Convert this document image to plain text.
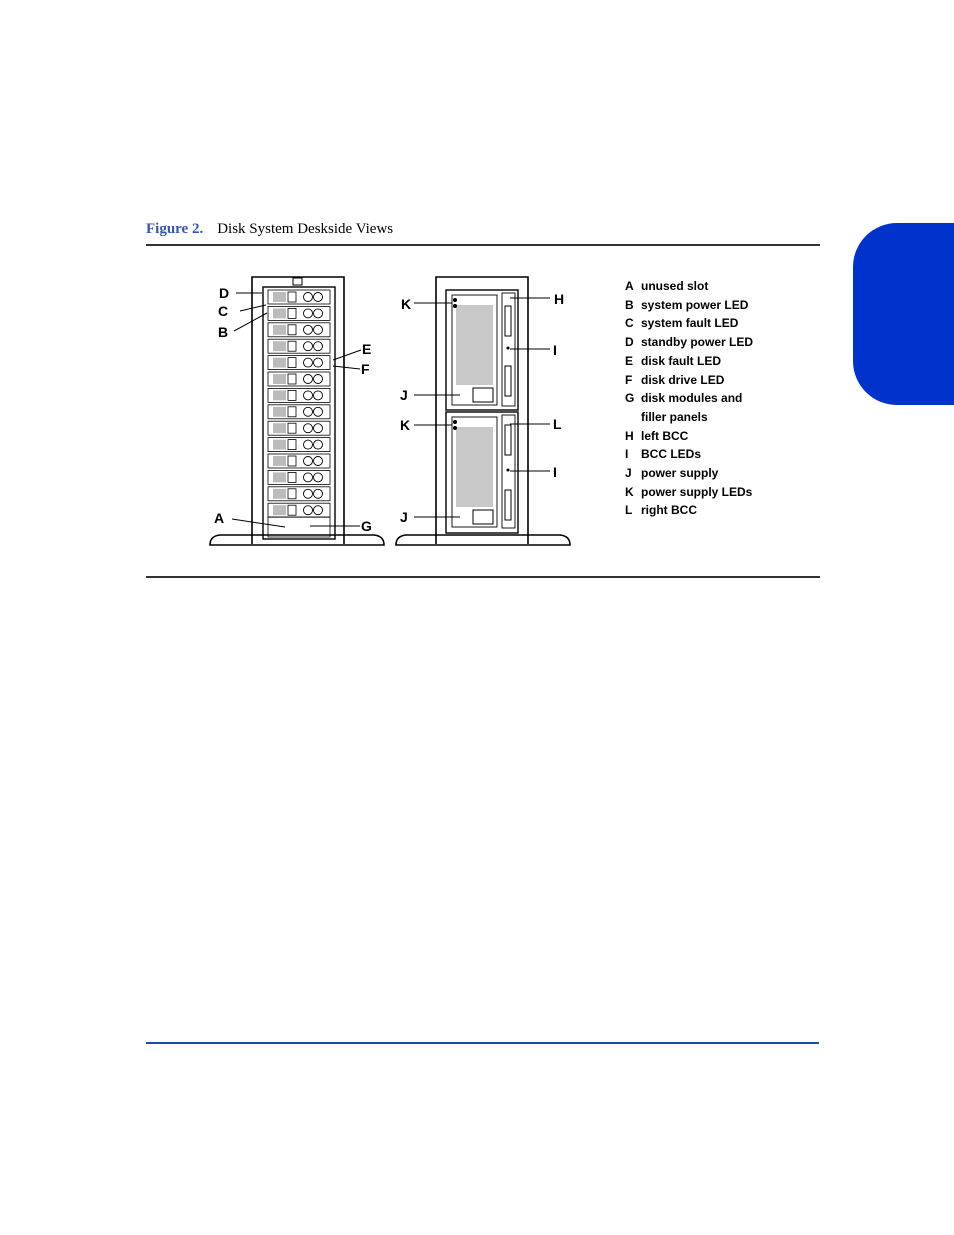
Figure 2. Disk System Deskside Views
D
C
B
E
F
A	G
K	H
I
J
K	L
I
J
A unused slot
B system power LED
C system fault LED
D standby power LED
E disk fault LED
F disk drive LED
G disk modules and
filler panels
H left BCC
I	BCC LEDs
J power supply
K power supply LEDs
L right BCC
